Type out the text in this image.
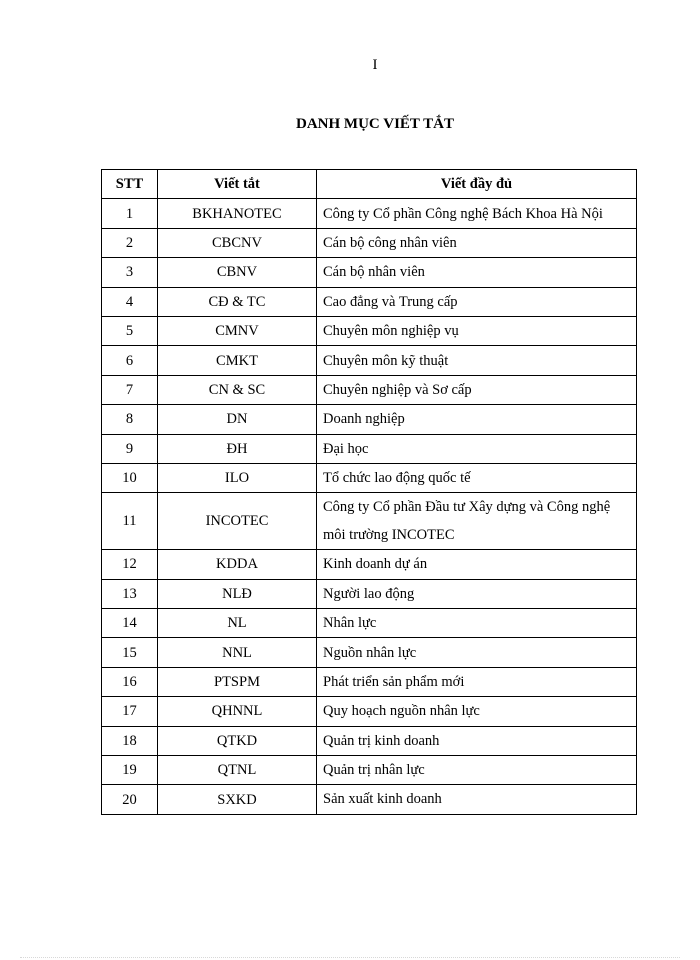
I
DANH MỤC VIẾT TẮT
STT	Viết tắt	Viết đầy đủ
1	BKHANOTEC	Công ty Cổ phần Công nghệ Bách Khoa Hà Nội
2	CBCNV	Cán bộ công nhân viên
3	CBNV	Cán bộ nhân viên
4	CĐ & TC	Cao đẳng và Trung cấp
5	CMNV	Chuyên môn nghiệp vụ
6	CMKT	Chuyên môn kỹ thuật
7	CN & SC	Chuyên nghiệp và Sơ cấp
8	DN	Doanh nghiệp
9	ĐH	Đại học
10	ILO	Tổ chức lao động quốc tế
11	INCOTEC	Công ty Cổ phần Đầu tư Xây dựng và Công nghệ môi trường INCOTEC
12	KDDA	Kinh doanh dự án
13	NLĐ	Người lao động
14	NL	Nhân lực
15	NNL	Nguồn nhân lực
16	PTSPM	Phát triển sản phẩm mới
17	QHNNL	Quy hoạch nguồn nhân lực
18	QTKD	Quản trị kinh doanh
19	QTNL	Quản trị nhân lực
20	SXKD	Sản xuất kinh doanh
